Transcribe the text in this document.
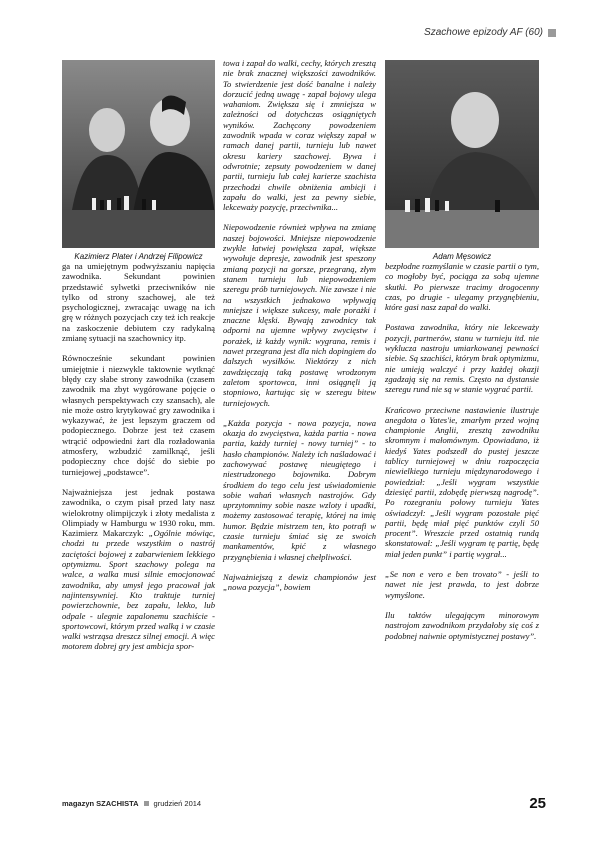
Szachowe epizody AF (60)
Kazimierz Plater i Andrzej Filipowicz	Adam Męsowicz

ga na umiejętnym podwyższaniu napięcia zawodnika. Sekundant powinien przedstawić sylwetki przeciwników nie tylko od strony szachowej, ale też psychologicznej, zwracając uwagę na ich grę w różnych pozycjach czy też ich reakcje na zaskoczenie debiutem czy radykalną zmianę sytuacji na szachownicy itp.

Równocześnie sekundant powinien umiejętnie i niezwykle taktownie wytknąć błędy czy słabe strony zawodnika (czasem zawodnik ma zbyt wygórowane pojęcie o własnych perspektywach czy szansach), ale nie może ostro krytykować gry zawodnika i wykazywać, że jest lepszym graczem od podopiecznego. Dobrze jest też czasem wtrącić odpowiedni żart dla rozładowania atmosfery, wzbudzić zamilknąć, jeśli podopieczny chce dojść do siebie po turniejowej „podstawce”.

Najważniejsza jest jednak postawa zawodnika, o czym pisał przed laty nasz wielokrotny olimpijczyk i złoty medalista z Olimpiady w Hamburgu w 1930 roku, mm. Kazimierz Makarczyk: „Ogólnie mówiąc, chodzi tu przede wszystkim o nastrój zaciętości bojowej z zabarwieniem lekkiego optymizmu. Sport szachowy polega na walce, a walka musi silnie emocjonować zawodnika, aby umysł jego pracował jak najintensywniej. Kto traktuje turniej powierzchownie, bez zapału, lekko, lub odpale - ulegnie zapalonemu szachiście - sportowcowi, którym przed walką i w czasie walki wstrząsa dreszcz silnej emocji. A więc motorem dobrej gry jest ambicja spor-

towa i zapał do walki, cechy, których zresztą nie brak znacznej większości zawodników. To stwierdzenie jest dość banalne i należy dorzucić jedną uwagę - zapał bojowy ulega wahaniom. Zwiększa się i zmniejsza w zależności od dotychczas osiągniętych wyników. Zachęcony powodzeniem zawodnik wpada w coraz większy zapał w ramach danej partii, turnieju lub nawet okresu kariery szachowej. Bywa i odwrotnie; zepsuty powodzeniem w danej partii, turnieju lub całej karierze szachista przechodzi chwile obniżenia ambicji i zapału do walki, jest za pewny siebie, lekceważy pozycję, przeciwnika...

Niepowodzenie również wpływa na zmianę naszej bojowości. Mniejsze niepowodzenie zwykle łatwiej powiększa zapał, większe wywołuje depresje, zawodnik jest speszony zmianą pozycji na gorsze, przegraną, złym stanem turnieju lub niepowodzeniem szeregu prób turniejowych. Nie zawsze i nie na wszystkich jednakowo wpływają mniejsze i większe sukcesy, małe porażki i znaczne klęski. Bywają zawodnicy tak odporni na ujemne wpływy zwycięstw i porażek, iż każdy wynik: wygrana, remis i nawet przegrana jest dla nich dopingiem do dalszych wysiłków. Niektórzy z nich zawdzięczają taką postawę wrodzonym zaletom sportowca, inni osiągnęli ją stopniowo, kartując się w szeregu bitew turniejowych.

„Każda pozycja - nowa pozycja, nowa okazja do zwycięstwa, każda partia - nowa partia, każdy turniej - nowy turniej” - to hasło championów. Należy ich naśladować i zachowywać postawę nieugiętego i niestrudzonego bojownika. Dobrym środkiem do tego celu jest uświadomienie sobie wahań własnych nastrojów. Gdy uprzytomnimy sobie nasze wzloty i upadki, możemy zastosować terapię, której na imię humor. Będzie mistrzem ten, kto potrafi w czasie turnieju śmiać się ze swoich mankamentów, kpić z własnego przygnębienia i własnej chełpliwości.

Najważniejszą z dewiz championów jest „nowa pozycja”, bowiem

bezpłodne rozmyślanie w czasie partii o tym, co mogłoby być, pociąga za sobą ujemne skutki. Po pierwsze tracimy drogocenny czas, po drugie - ulegamy przygnębieniu, które gasi nasz zapał do walki.

Postawa zawodnika, który nie lekceważy pozycji, partnerów, stanu w turnieju itd. nie wyklucza nastroju umiarkowanej pewności siebie. Są szachiści, którym brak optymizmu, nie umieją walczyć i przy każdej okazji zgadzają się na remis. Często na dystansie szeregu rund nie są w stanie wygrać partii.

Krańcowo przeciwne nastawienie ilustruje anegdota o Yates'ie, zmarłym przed wojną championie Anglii, zresztą zawodniku skromnym i małomównym. Opowiadano, iż kiedyś Yates podszedł do pustej jeszcze tablicy turniejowej w dniu rozpoczęcia niewielkiego turnieju międzynarodowego i powiedział: „Jeśli wygram wszystkie dziesięć partii, zdobędę pierwszą nagrodę”. Po rozegraniu połowy turnieju Yates oświadczył: „Jeśli wygram pozostałe pięć partii, będę miał pięć punktów czyli 50 procent”. Wreszcie przed ostatnią rundą skonstatował: „Jeśli wygram tę partię, będę miał jeden punkt” i partię wygrał...

„Se non e vero e ben trovato” - jeśli to nawet nie jest prawda, to jest dobrze wymyślone.

Ilu taktów ulegającym minorowym nastrojom zawodnikom przydałoby się coś z podobnej naiwnie optymistycznej postawy”.

magazyn SZACHISTA grudzień 2014	25
